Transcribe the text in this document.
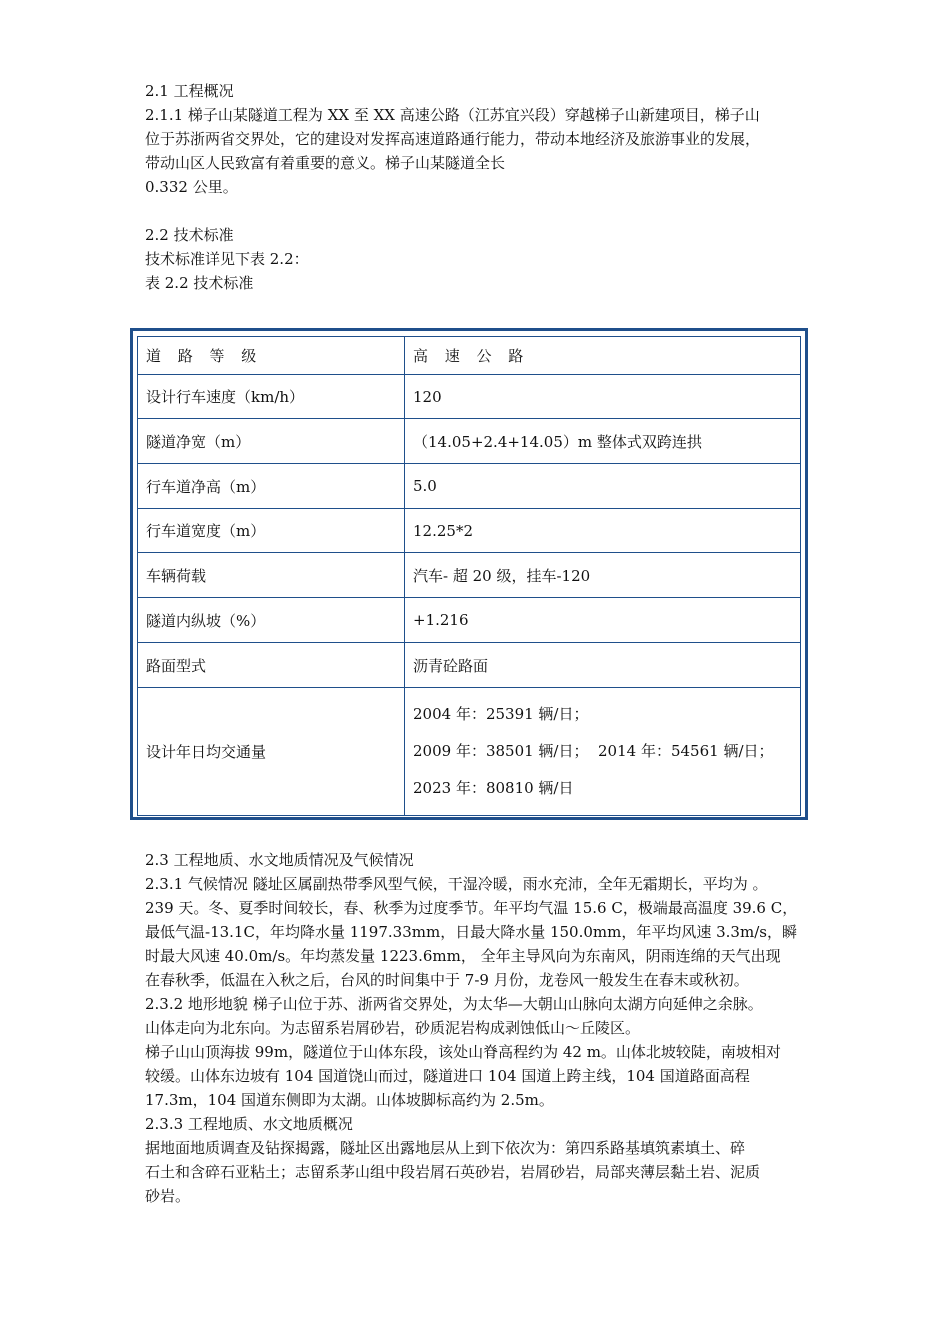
2.1 工程概况

2.1.1 梯子山某隧道工程为 XX 至 XX 高速公路（江苏宜兴段）穿越梯子山新建项目，梯子山

位于苏浙两省交界处，它的建设对发挥高速道路通行能力，带动本地经济及旅游事业的发展，

带动山区人民致富有着重要的意义。梯子山某隧道全长

0.332 公里。

2.2 技术标准

技术标准详见下表 2.2：

表 2.2 技术标准

道 路 等 级	高 速 公 路
设计行车速度（km/h）	120
隧道净宽（m）	（14.05+2.4+14.05）m 整体式双跨连拱
行车道净高（m）	5.0
行车道宽度（m）	12.25*2
车辆荷载	汽车- 超 20 级，挂车-120
隧道内纵坡（%）	+1.216
路面型式	沥青砼路面
设计年日均交通量	2004 年：25391 辆/日；
2009 年：38501 辆/日；  2014 年：54561 辆/日；
2023 年：80810 辆/日

2.3 工程地质、水文地质情况及气候情况

2.3.1 气候情况 隧址区属副热带季风型气候，干湿冷暖，雨水充沛，全年无霜期长，平均为 。

239 天。冬、夏季时间较长，春、秋季为过度季节。年平均气温 15.6 C，极端最高温度 39.6 C，

最低气温-13.1C，年均降水量 1197.33mm，日最大降水量 150.0mm，年平均风速 3.3m/s，瞬

时最大风速 40.0m/s。年均蒸发量 1223.6mm， 全年主导风向为东南风，阴雨连绵的天气出现

在春秋季，低温在入秋之后，台风的时间集中于 7-9 月份，龙卷风一般发生在春末或秋初。

2.3.2 地形地貌 梯子山位于苏、浙两省交界处，为太华—大朝山山脉向太湖方向延伸之余脉。

山体走向为北东向。为志留系岩屑砂岩，砂质泥岩构成剥蚀低山～丘陵区。

梯子山山顶海拔 99m，隧道位于山体东段，该处山脊高程约为 42 m。山体北坡较陡，南坡相对

较缓。山体东边坡有 104 国道饶山而过，隧道进口 104 国道上跨主线，104 国道路面高程

17.3m，104 国道东侧即为太湖。山体坡脚标高约为 2.5m。

2.3.3 工程地质、水文地质概况

据地面地质调查及钻探揭露，隧址区出露地层从上到下依次为：第四系路基填筑素填土、碎

石土和含碎石亚粘土；志留系茅山组中段岩屑石英砂岩，岩屑砂岩，局部夹薄层黏土岩、泥质

砂岩。
